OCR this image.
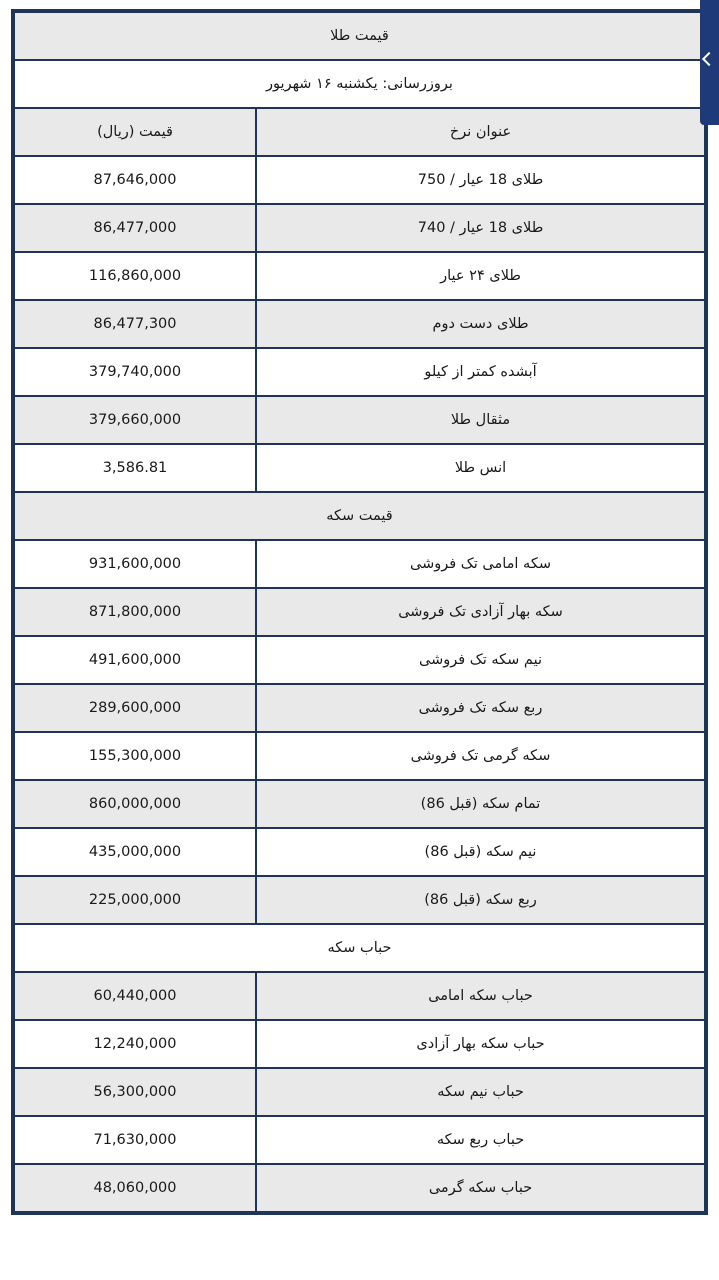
قیمت طلا	
بروزرسانی: یکشنبه ۱۶ شهریور	
قیمت (ریال)	عنوان نرخ
87,646,000	طلای 18 عیار / 750
86,477,000	طلای 18 عیار / 740
116,860,000	طلای ۲۴ عیار
86,477,300	طلای دست دوم
379,740,000	آبشده کمتر از کیلو
379,660,000	مثقال طلا
3,586.81	انس طلا
قیمت سکه	
931,600,000	سکه امامی تک فروشی
871,800,000	سکه بهار آزادی تک فروشی
491,600,000	نیم سکه تک فروشی
289,600,000	ربع سکه تک فروشی
155,300,000	سکه گرمی تک فروشی
860,000,000	تمام سکه (قبل 86)
435,000,000	نیم سکه (قبل 86)
225,000,000	ربع سکه (قبل 86)
حباب سکه	
60,440,000	حباب سکه امامی
12,240,000	حباب سکه بهار آزادی
56,300,000	حباب نیم سکه
71,630,000	حباب ربع سکه
48,060,000	حباب سکه گرمی
